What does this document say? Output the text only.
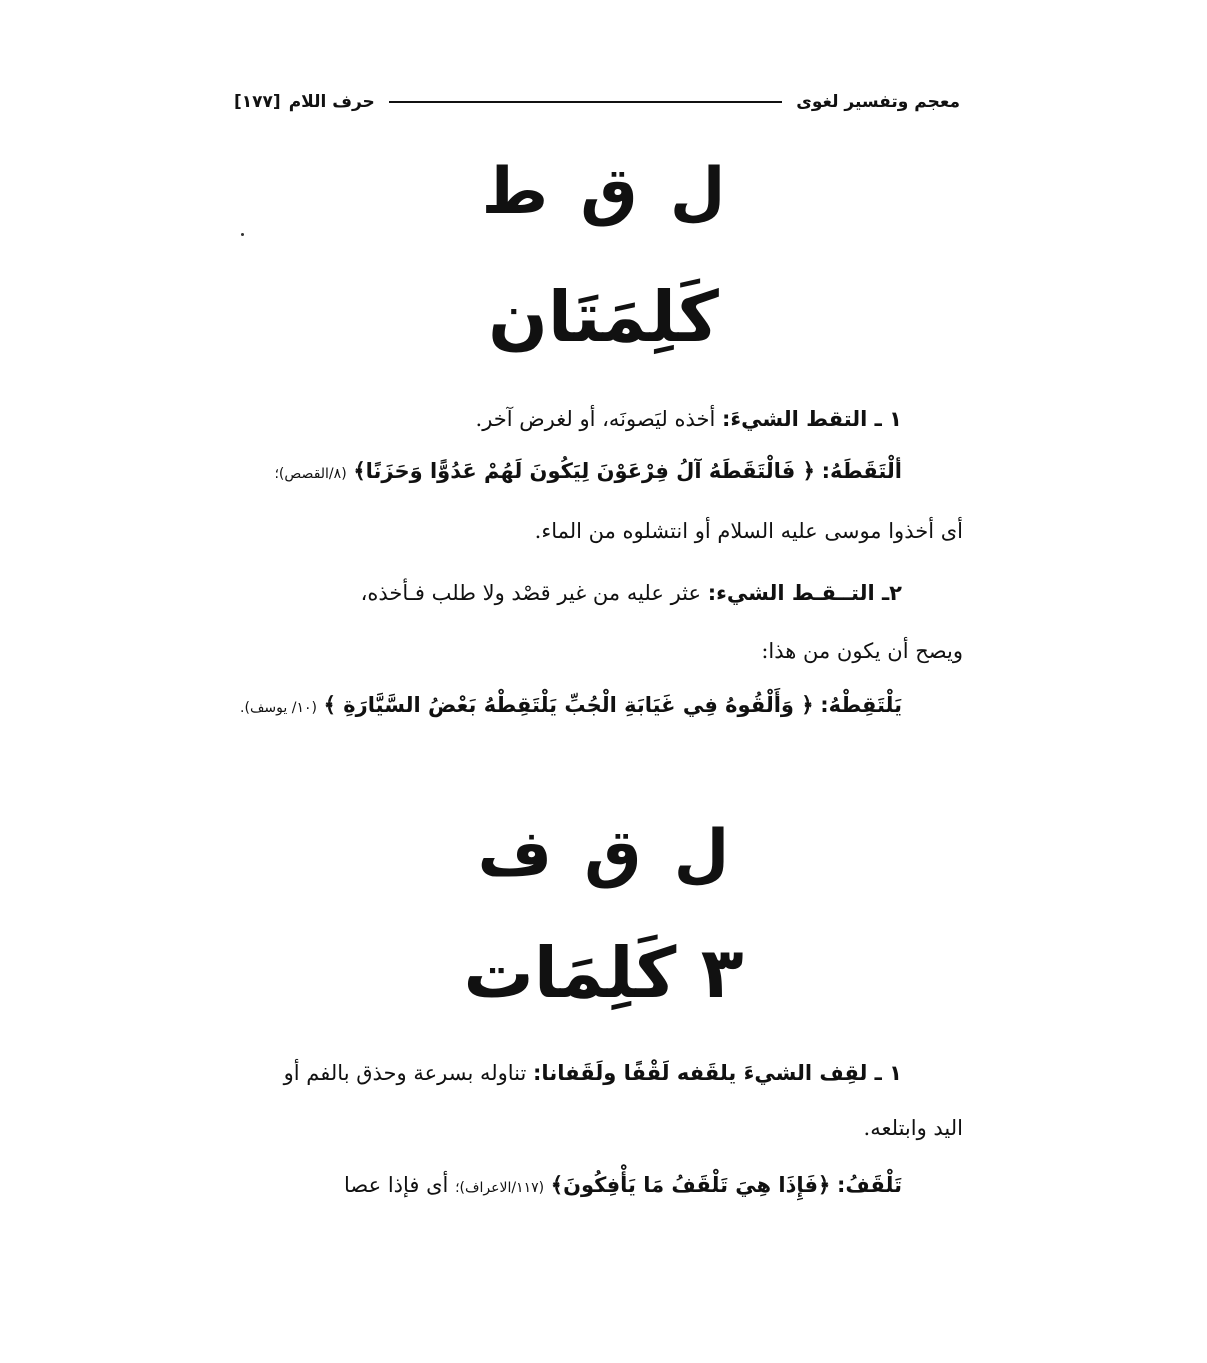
معجم وتفسير لغوى
حرف اللام
[١٧٧]
ل ق ط
كَلِمَتَان
١ ـ التقط الشيءَ: أخذه ليَصونَه، أو لغرض آخر.
ألْتَقَطَهُ: ﴿ فَالْتَقَطَهُ آلُ فِرْعَوْنَ لِيَكُونَ لَهُمْ عَدُوًّا وَحَزَنًا﴾ (٨/القصص)؛
أى أخذوا موسى عليه السلام أو انتشلوه من الماء.
٢ـ التــقـط الشيء: عثر عليه من غير قصْد ولا طلب فـأخذه،
ويصح أن يكون من هذا:
يَلْتَقِطْهُ: ﴿ وَأَلْقُوهُ فِي غَيَابَةِ الْجُبِّ يَلْتَقِطْهُ بَعْضُ السَّيَّارَةِ ﴾ (١٠/ يوسف).
ل ق ف
٣ كَلِمَات
١ ـ لقِف الشيءَ يلقَفه لَقْفًا ولَقَفانا: تناوله بسرعة وحذق بالفم أو
اليد وابتلعه.
تَلْقَفُ: ﴿فَإِذَا هِيَ تَلْقَفُ مَا يَأْفِكُونَ﴾ (١١٧/الاعراف)؛ أى فإذا عصا
